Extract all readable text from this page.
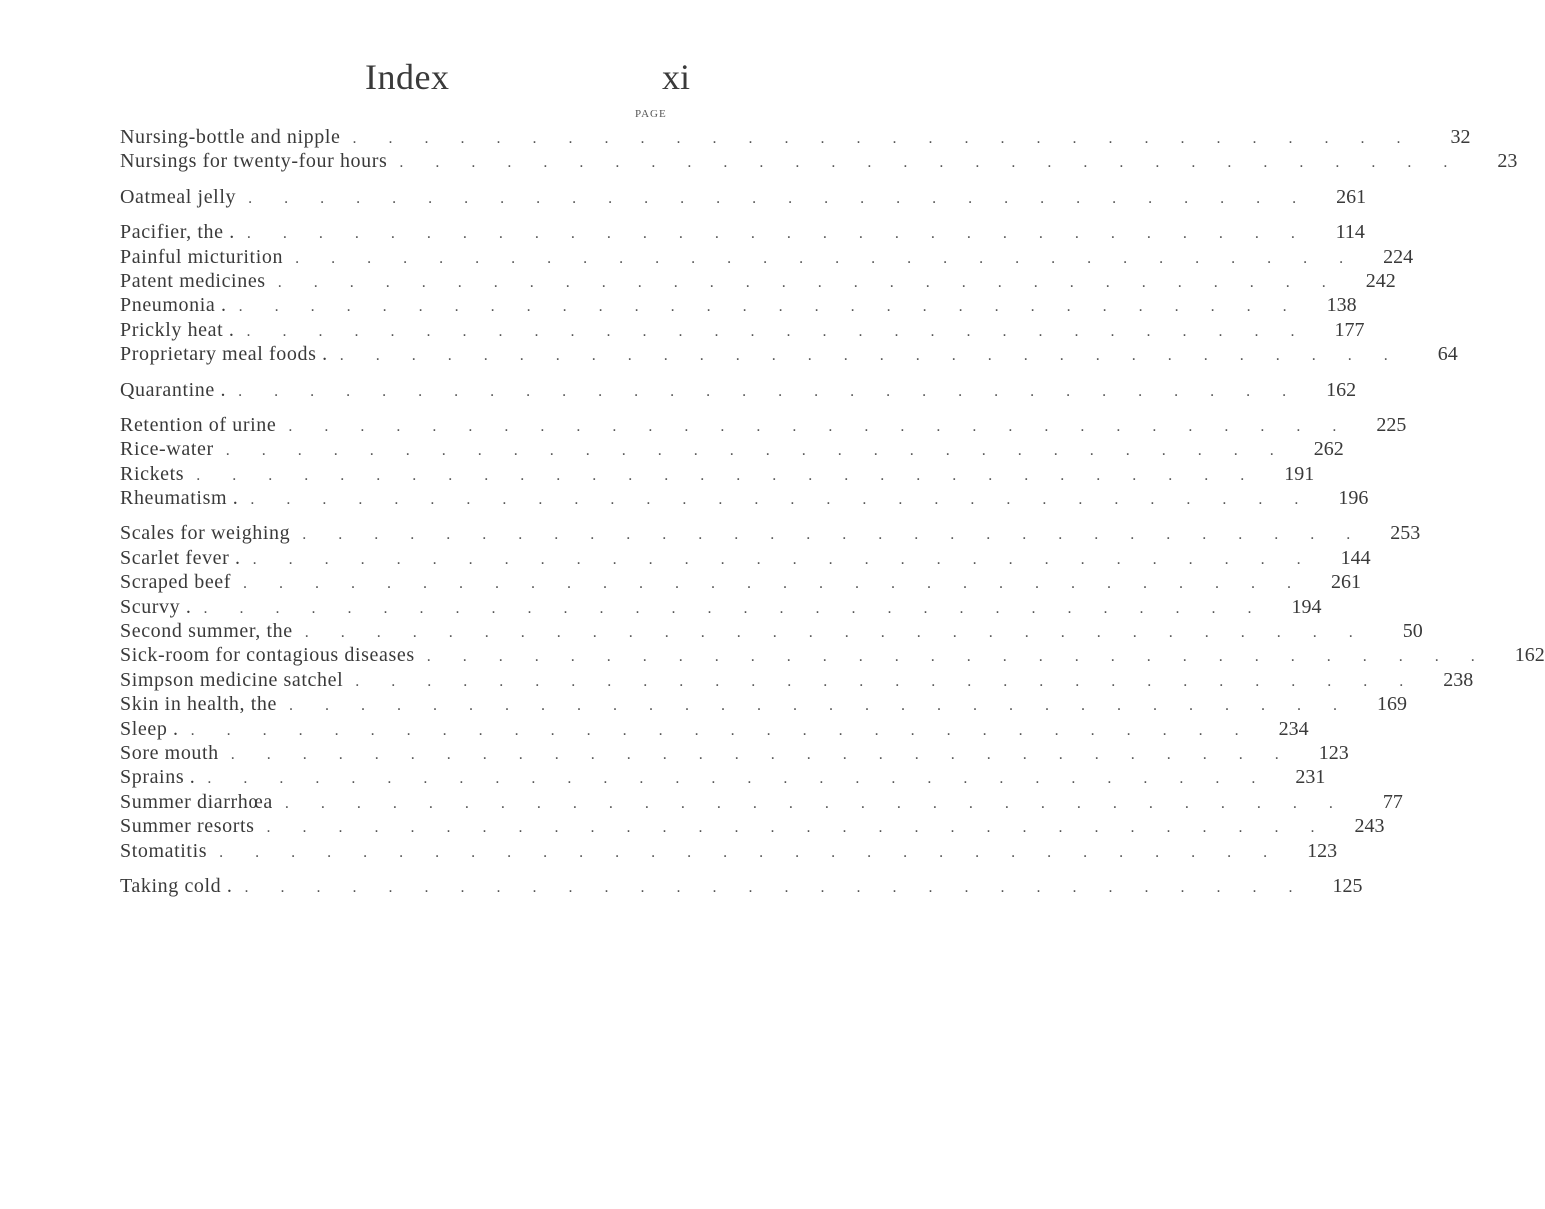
Index	xi
PAGE
Nursing-bottle and nipple . . . . . . . . . . . . . . . . . . . . . . . . . . . . . .	32
Nursings for twenty-four hours . . . . . . . . . . . . . . . . . . . . . . . . . . . . . .	23
Oatmeal jelly . . . . . . . . . . . . . . . . . . . . . . . . . . . . . .	261
Pacifier, the . . . . . . . . . . . . . . . . . . . . . . . . . . . . . . .	114
Painful micturition . . . . . . . . . . . . . . . . . . . . . . . . . . . . . .	224
Patent medicines . . . . . . . . . . . . . . . . . . . . . . . . . . . . . .	242
Pneumonia . . . . . . . . . . . . . . . . . . . . . . . . . . . . . . .	138
Prickly heat . . . . . . . . . . . . . . . . . . . . . . . . . . . . . . .	177
Proprietary meal foods . . . . . . . . . . . . . . . . . . . . . . . . . . . . . . .	64
Quarantine . . . . . . . . . . . . . . . . . . . . . . . . . . . . . . .	162
Retention of urine . . . . . . . . . . . . . . . . . . . . . . . . . . . . . .	225
Rice-water . . . . . . . . . . . . . . . . . . . . . . . . . . . . . .	262
Rickets . . . . . . . . . . . . . . . . . . . . . . . . . . . . . .	191
Rheumatism . . . . . . . . . . . . . . . . . . . . . . . . . . . . . . .	196
Scales for weighing . . . . . . . . . . . . . . . . . . . . . . . . . . . . . .	253
Scarlet fever . . . . . . . . . . . . . . . . . . . . . . . . . . . . . . .	144
Scraped beef . . . . . . . . . . . . . . . . . . . . . . . . . . . . . .	261
Scurvy . . . . . . . . . . . . . . . . . . . . . . . . . . . . . . .	194
Second summer, the . . . . . . . . . . . . . . . . . . . . . . . . . . . . . .	50
Sick-room for contagious diseases . . . . . . . . . . . . . . . . . . . . . . . . . . . . . .	162
Simpson medicine satchel . . . . . . . . . . . . . . . . . . . . . . . . . . . . . .	238
Skin in health, the . . . . . . . . . . . . . . . . . . . . . . . . . . . . . .	169
Sleep . . . . . . . . . . . . . . . . . . . . . . . . . . . . . . .	234
Sore mouth . . . . . . . . . . . . . . . . . . . . . . . . . . . . . .	123
Sprains . . . . . . . . . . . . . . . . . . . . . . . . . . . . . . .	231
Summer diarrhœa . . . . . . . . . . . . . . . . . . . . . . . . . . . . . .	77
Summer resorts . . . . . . . . . . . . . . . . . . . . . . . . . . . . . .	243
Stomatitis . . . . . . . . . . . . . . . . . . . . . . . . . . . . . .	123
Taking cold . . . . . . . . . . . . . . . . . . . . . . . . . . . . . . .	125
